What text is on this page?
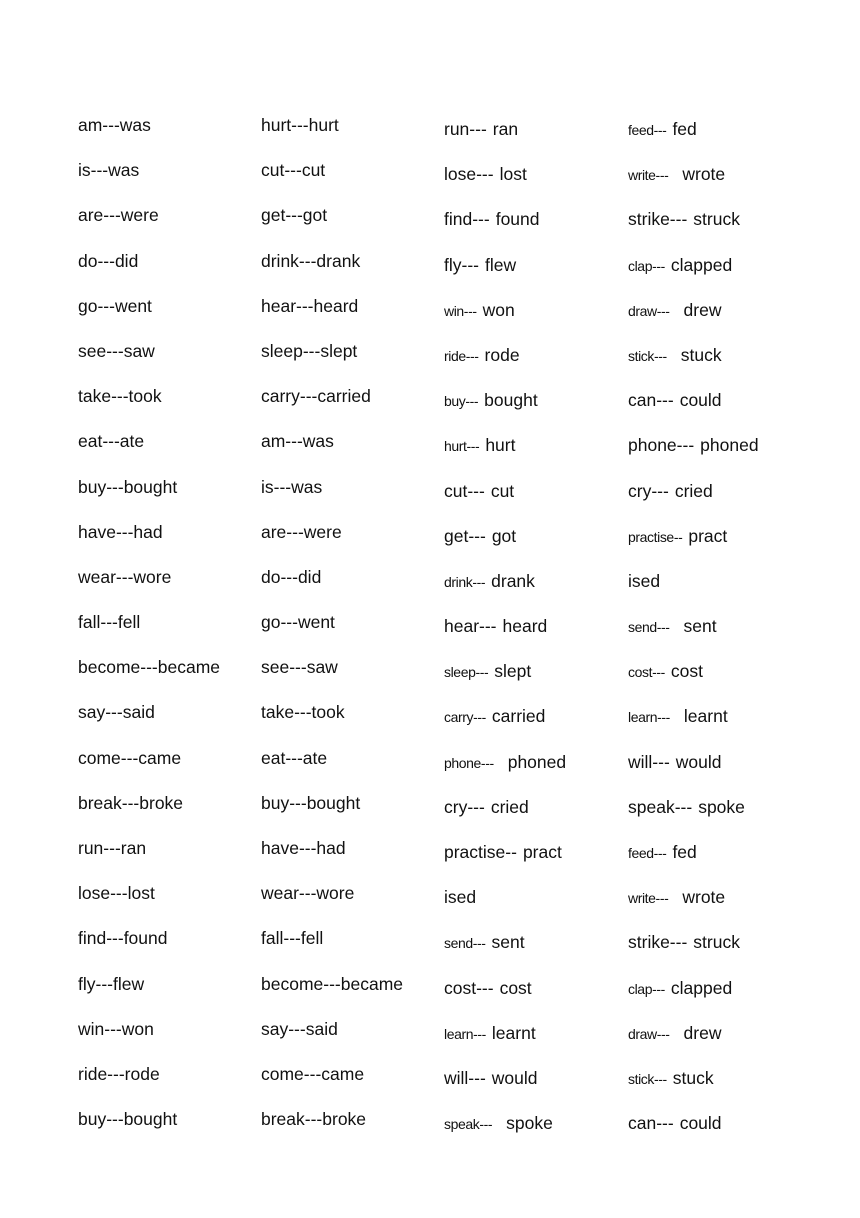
am---was
is---was
are---were
do---did
go---went
see---saw
take---took
eat---ate
buy---bought
have---had
wear---wore
fall---fell
become---became
say---said
come---came
break---broke
run---ran
lose---lost
find---found
fly---flew
win---won
ride---rode
buy---bought
hurt---hurt
cut---cut
get---got
drink---drank
hear---heard
sleep---slept
carry---carried
am---was
is---was
are---were
do---did
go---went
see---saw
take---took
eat---ate
buy---bought
have---had
wear---wore
fall---fell
become---became
say---said
come---came
break---broke
run--- ran
lose--- lost
find--- found
fly--- flew
win--- won
ride--- rode
buy--- bought
hurt--- hurt
cut--- cut
get--- got
drink--- drank
hear--- heard
sleep--- slept
carry--- carried
phone--- phoned
cry--- cried
practise-- pract
ised
send--- sent
cost--- cost
learn--- learnt
will--- would
speak--- spoke
feed--- fed
write--- wrote
strike--- struck
clap--- clapped
draw--- drew
stick--- stuck
can--- could
phone--- phoned
cry--- cried
practise-- pract
ised
send--- sent
cost--- cost
learn--- learnt
will--- would
speak--- spoke
feed--- fed
write--- wrote
strike--- struck
clap--- clapped
draw--- drew
stick--- stuck
can--- could
